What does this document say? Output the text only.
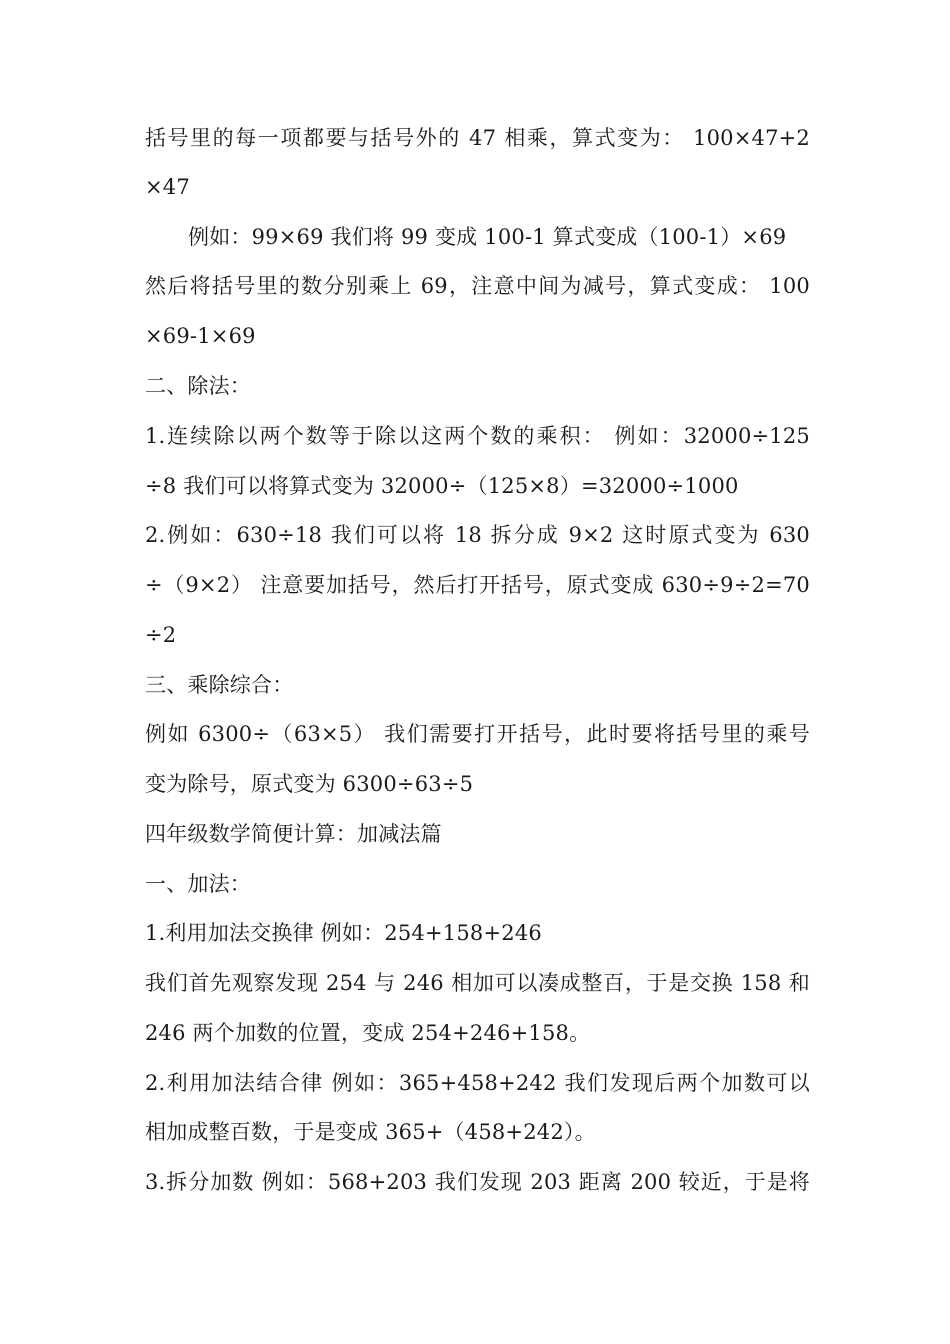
括号里的每一项都要与括号外的 47 相乘，算式变为： 100×47+2
×47
例如：99×69 我们将 99 变成 100-1 算式变成（100-1）×69
然后将括号里的数分别乘上 69，注意中间为减号，算式变成： 100
×69-1×69
二、除法：
1.连续除以两个数等于除以这两个数的乘积： 例如：32000÷125
÷8 我们可以将算式变为 32000÷（125×8）=32000÷1000
2.例如：630÷18 我们可以将 18 拆分成 9×2 这时原式变为 630
÷（9×2） 注意要加括号，然后打开括号，原式变成 630÷9÷2=70
÷2
三、乘除综合：
例如 6300÷（63×5） 我们需要打开括号，此时要将括号里的乘号
变为除号，原式变为 6300÷63÷5
四年级数学简便计算：加减法篇
一、加法：
1.利用加法交换律 例如：254+158+246
我们首先观察发现 254 与 246 相加可以凑成整百，于是交换 158 和
246 两个加数的位置，变成 254+246+158。
2.利用加法结合律 例如：365+458+242 我们发现后两个加数可以
相加成整百数，于是变成 365+（458+242）。
3.拆分加数 例如：568+203 我们发现 203 距离 200 较近，于是将
